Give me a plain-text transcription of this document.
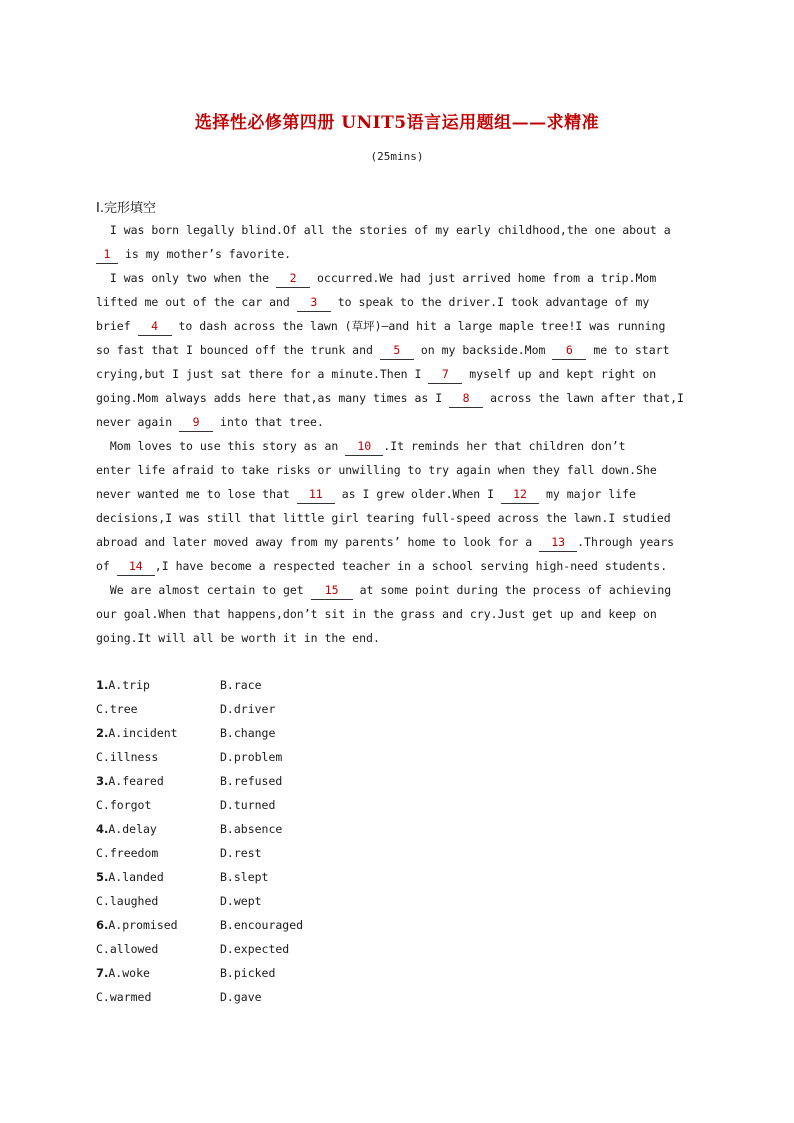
选择性必修第四册 UNIT5语言运用题组——求精准
(25mins)
Ⅰ.完形填空

  I was born legally blind.Of all the stories of my early childhood,the one about a

1 is my mother’s favorite.

  I was only two when the 2 occurred.We had just arrived home from a trip.Mom

lifted me out of the car and 3 to speak to the driver.I took advantage of my

brief 4 to dash across the lawn (草坪)—and hit a large maple tree!I was running

so fast that I bounced off the trunk and 5 on my backside.Mom 6 me to start

crying,but I just sat there for a minute.Then I 7 myself up and kept right on

going.Mom always adds here that,as many times as I 8 across the lawn after that,I

never again 9 into that tree.

  Mom loves to use this story as an 10 .It reminds her that children don’t

enter life afraid to take risks or unwilling to try again when they fall down.She

never wanted me to lose that 11 as I grew older.When I 12 my major life

decisions,I was still that little girl tearing full-speed across the lawn.I studied

abroad and later moved away from my parents’ home to look for a 13 .Through years

of 14 ,I have become a respected teacher in a school serving high-need students.

  We are almost certain to get 15 at some point during the process of achieving

our goal.When that happens,don’t sit in the grass and cry.Just get up and keep on

going.It will all be worth it in the end.

1.A.trip	B.race
C.tree	D.driver
2.A.incident	B.change
C.illness	D.problem
3.A.feared	B.refused
C.forgot	D.turned
4.A.delay	B.absence
C.freedom	D.rest
5.A.landed	B.slept
C.laughed	D.wept
6.A.promised	B.encouraged
C.allowed	D.expected
7.A.woke	B.picked
C.warmed	D.gave
